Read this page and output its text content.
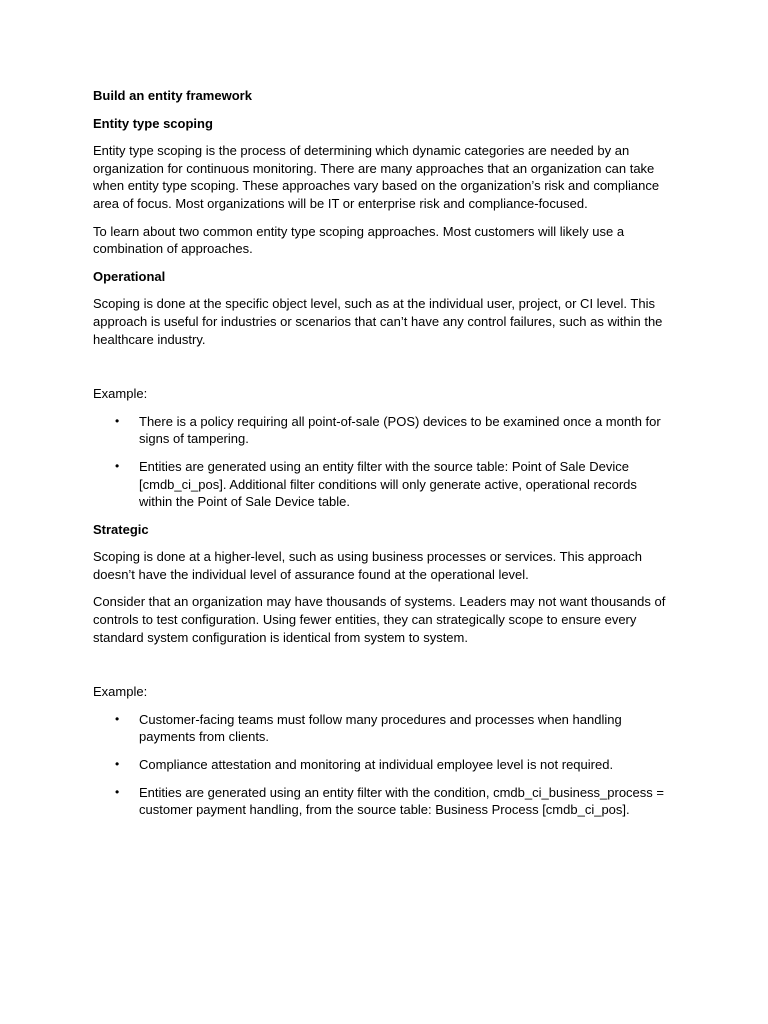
Build an entity framework
Entity type scoping

Entity type scoping is the process of determining which dynamic categories are needed by an organization for continuous monitoring. There are many approaches that an organization can take when entity type scoping. These approaches vary based on the organization’s risk and compliance area of focus. Most organizations will be IT or enterprise risk and compliance-focused.

To learn about two common entity type scoping approaches. Most customers will likely use a combination of approaches.

Operational

Scoping is done at the specific object level, such as at the individual user, project, or CI level. This approach is useful for industries or scenarios that can’t have any control failures, such as within the healthcare industry.

Example:

• There is a policy requiring all point-of-sale (POS) devices to be examined once a month for signs of tampering.
• Entities are generated using an entity filter with the source table: Point of Sale Device [cmdb_ci_pos]. Additional filter conditions will only generate active, operational records within the Point of Sale Device table.
Strategic

Scoping is done at a higher-level, such as using business processes or services. This approach doesn’t have the individual level of assurance found at the operational level.

Consider that an organization may have thousands of systems. Leaders may not want thousands of controls to test configuration. Using fewer entities, they can strategically scope to ensure every standard system configuration is identical from system to system.

Example:

• Customer-facing teams must follow many procedures and processes when handling payments from clients.
• Compliance attestation and monitoring at individual employee level is not required.
• Entities are generated using an entity filter with the condition, cmdb_ci_business_process = customer payment handling, from the source table: Business Process [cmdb_ci_pos].
